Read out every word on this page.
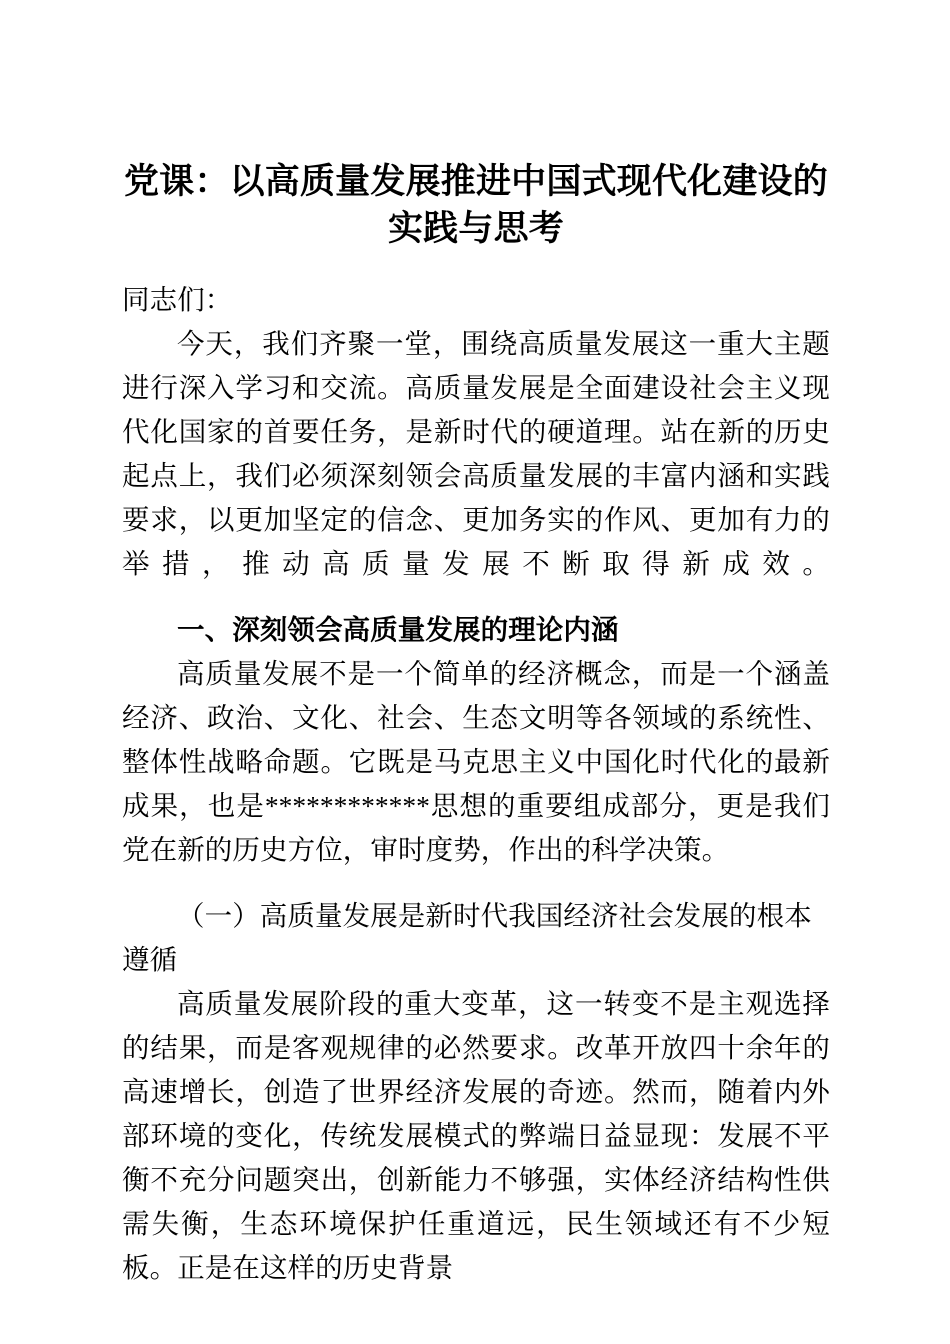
党课：以高质量发展推进中国式现代化建设的
实践与思考

同志们：

今天，我们齐聚一堂，围绕高质量发展这一重大主题进行深入学习和交流。高质量发展是全面建设社会主义现代化国家的首要任务，是新时代的硬道理。站在新的历史起点上，我们必须深刻领会高质量发展的丰富内涵和实践要求，以更加坚定的信念、更加务实的作风、更加有力的举措，推动高质量发展不断取得新成效。

一、深刻领会高质量发展的理论内涵

高质量发展不是一个简单的经济概念，而是一个涵盖经济、政治、文化、社会、生态文明等各领域的系统性、整体性战略命题。它既是马克思主义中国化时代化的最新成果，也是************思想的重要组成部分，更是我们党在新的历史方位，审时度势，作出的科学决策。

（一）高质量发展是新时代我国经济社会发展的根本遵循

高质量发展阶段的重大变革，这一转变不是主观选择的结果，而是客观规律的必然要求。改革开放四十余年的高速增长，创造了世界经济发展的奇迹。然而，随着内外部环境的变化，传统发展模式的弊端日益显现：发展不平衡不充分问题突出，创新能力不够强，实体经济结构性供需失衡，生态环境保护任重道远，民生领域还有不少短板。正是在这样的历史背景
